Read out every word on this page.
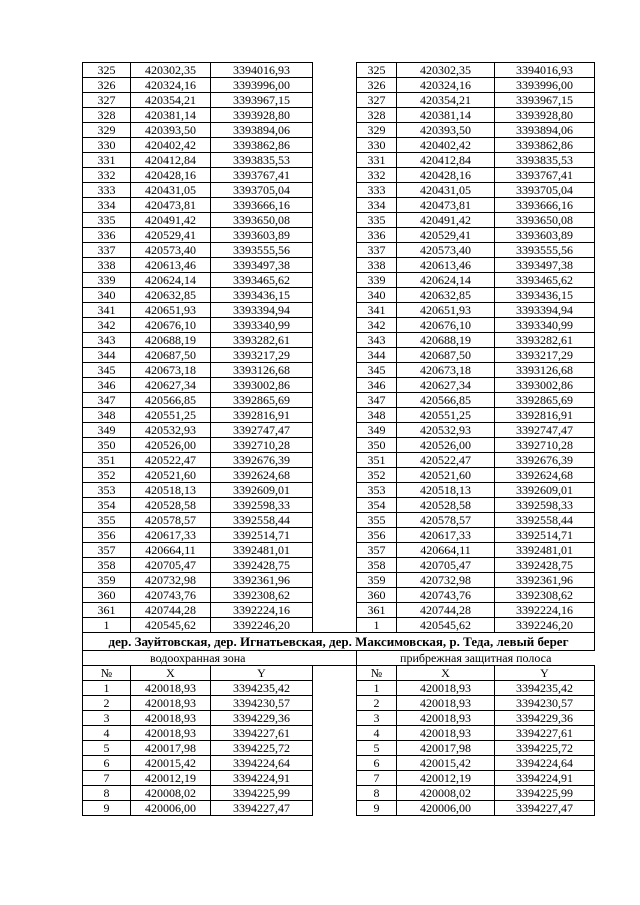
325	420302,35	3394016,93		325	420302,35	3394016,93
326	420324,16	3393996,00		326	420324,16	3393996,00
327	420354,21	3393967,15		327	420354,21	3393967,15
328	420381,14	3393928,80		328	420381,14	3393928,80
329	420393,50	3393894,06		329	420393,50	3393894,06
330	420402,42	3393862,86		330	420402,42	3393862,86
331	420412,84	3393835,53		331	420412,84	3393835,53
332	420428,16	3393767,41		332	420428,16	3393767,41
333	420431,05	3393705,04		333	420431,05	3393705,04
334	420473,81	3393666,16		334	420473,81	3393666,16
335	420491,42	3393650,08		335	420491,42	3393650,08
336	420529,41	3393603,89		336	420529,41	3393603,89
337	420573,40	3393555,56		337	420573,40	3393555,56
338	420613,46	3393497,38		338	420613,46	3393497,38
339	420624,14	3393465,62		339	420624,14	3393465,62
340	420632,85	3393436,15		340	420632,85	3393436,15
341	420651,93	3393394,94		341	420651,93	3393394,94
342	420676,10	3393340,99		342	420676,10	3393340,99
343	420688,19	3393282,61		343	420688,19	3393282,61
344	420687,50	3393217,29		344	420687,50	3393217,29
345	420673,18	3393126,68		345	420673,18	3393126,68
346	420627,34	3393002,86		346	420627,34	3393002,86
347	420566,85	3392865,69		347	420566,85	3392865,69
348	420551,25	3392816,91		348	420551,25	3392816,91
349	420532,93	3392747,47		349	420532,93	3392747,47
350	420526,00	3392710,28		350	420526,00	3392710,28
351	420522,47	3392676,39		351	420522,47	3392676,39
352	420521,60	3392624,68		352	420521,60	3392624,68
353	420518,13	3392609,01		353	420518,13	3392609,01
354	420528,58	3392598,33		354	420528,58	3392598,33
355	420578,57	3392558,44		355	420578,57	3392558,44
356	420617,33	3392514,71		356	420617,33	3392514,71
357	420664,11	3392481,01		357	420664,11	3392481,01
358	420705,47	3392428,75		358	420705,47	3392428,75
359	420732,98	3392361,96		359	420732,98	3392361,96
360	420743,76	3392308,62		360	420743,76	3392308,62
361	420744,28	3392224,16		361	420744,28	3392224,16
1	420545,62	3392246,20		1	420545,62	3392246,20
дер. Зауйтовская, дер. Игнатьевская, дер. Максимовская, р. Теда, левый берег						
водоохранная зона				прибрежная защитная полоса		
№	X	Y		№	X	Y
1	420018,93	3394235,42		1	420018,93	3394235,42
2	420018,93	3394230,57		2	420018,93	3394230,57
3	420018,93	3394229,36		3	420018,93	3394229,36
4	420018,93	3394227,61		4	420018,93	3394227,61
5	420017,98	3394225,72		5	420017,98	3394225,72
6	420015,42	3394224,64		6	420015,42	3394224,64
7	420012,19	3394224,91		7	420012,19	3394224,91
8	420008,02	3394225,99		8	420008,02	3394225,99
9	420006,00	3394227,47		9	420006,00	3394227,47
